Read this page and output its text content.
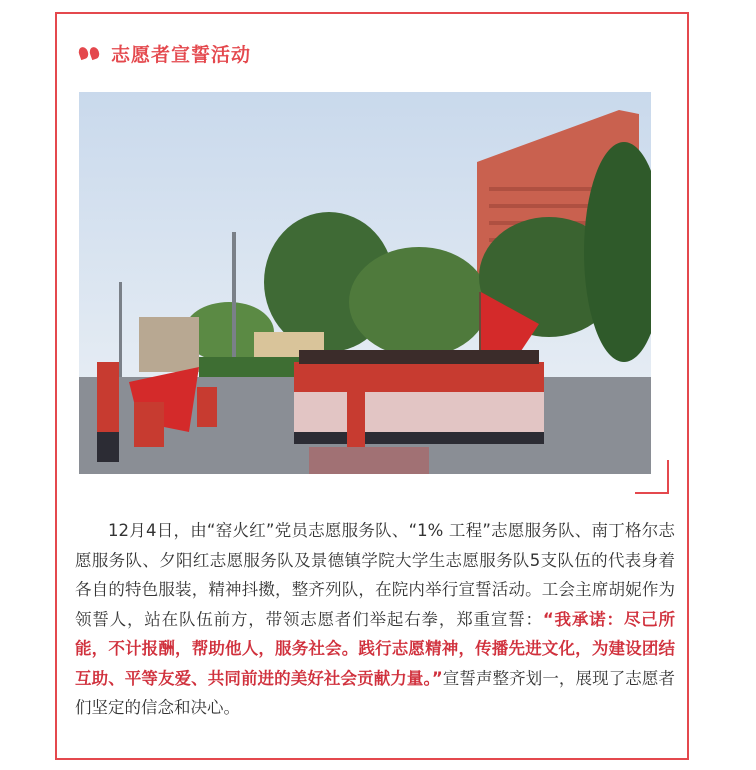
志愿者宣誓活动

12月4日，由“窑火红”党员志愿服务队、“1% 工程”志愿服务队、南丁格尔志愿服务队、夕阳红志愿服务队及景德镇学院大学生志愿服务队5支队伍的代表身着各自的特色服装，精神抖擞，整齐列队，在院内举行宣誓活动。工会主席胡妮作为领誓人，站在队伍前方，带领志愿者们举起右拳，郑重宣誓：“我承诺：尽己所能，不计报酬，帮助他人，服务社会。践行志愿精神，传播先进文化，为建设团结互助、平等友爱、共同前进的美好社会贡献力量。”宣誓声整齐划一，展现了志愿者们坚定的信念和决心。
